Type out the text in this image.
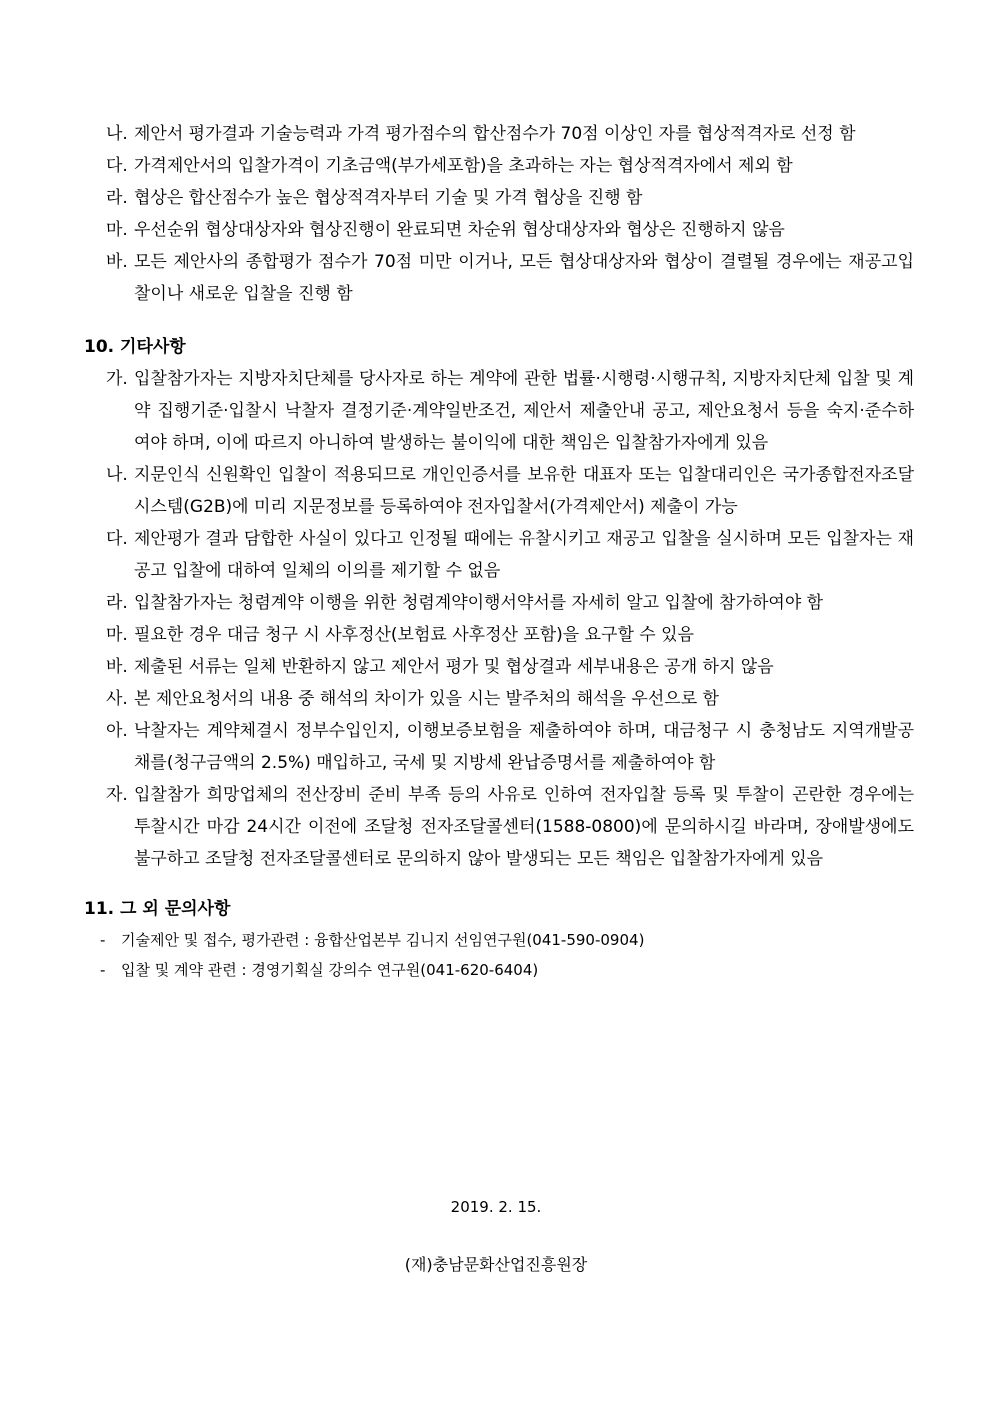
나. 제안서 평가결과 기술능력과 가격 평가점수의 합산점수가 70점 이상인 자를 협상적격자로 선정 함
다. 가격제안서의 입찰가격이 기초금액(부가세포함)을 초과하는 자는 협상적격자에서 제외 함
라. 협상은 합산점수가 높은 협상적격자부터 기술 및 가격 협상을 진행 함
마. 우선순위 협상대상자와 협상진행이 완료되면 차순위 협상대상자와 협상은 진행하지 않음
바. 모든 제안사의 종합평가 점수가 70점 미만 이거나, 모든 협상대상자와 협상이 결렬될 경우에는 재공고입찰이나 새로운 입찰을 진행 함
10. 기타사항
가. 입찰참가자는 지방자치단체를 당사자로 하는 계약에 관한 법률·시행령·시행규칙, 지방자치단체 입찰 및 계약 집행기준·입찰시 낙찰자 결정기준·계약일반조건, 제안서 제출안내 공고, 제안요청서 등을 숙지·준수하여야 하며, 이에 따르지 아니하여 발생하는 불이익에 대한 책임은 입찰참가자에게 있음
나. 지문인식 신원확인 입찰이 적용되므로 개인인증서를 보유한 대표자 또는 입찰대리인은 국가종합전자조달시스템(G2B)에 미리 지문정보를 등록하여야 전자입찰서(가격제안서) 제출이 가능
다. 제안평가 결과 담합한 사실이 있다고 인정될 때에는 유찰시키고 재공고 입찰을 실시하며 모든 입찰자는 재공고 입찰에 대하여 일체의 이의를 제기할 수 없음
라. 입찰참가자는 청렴계약 이행을 위한 청렴계약이행서약서를 자세히 알고 입찰에 참가하여야 함
마. 필요한 경우 대금 청구 시 사후정산(보험료 사후정산 포함)을 요구할 수 있음
바. 제출된 서류는 일체 반환하지 않고 제안서 평가 및 협상결과 세부내용은 공개 하지 않음
사. 본 제안요청서의 내용 중 해석의 차이가 있을 시는 발주처의 해석을 우선으로 함
아. 낙찰자는 계약체결시 정부수입인지, 이행보증보험을 제출하여야 하며, 대금청구 시 충청남도 지역개발공채를(청구금액의 2.5%) 매입하고, 국세 및 지방세 완납증명서를 제출하여야 함
자. 입찰참가 희망업체의 전산장비 준비 부족 등의 사유로 인하여 전자입찰 등록 및 투찰이 곤란한 경우에는 투찰시간 마감 24시간 이전에 조달청 전자조달콜센터(1588-0800)에 문의하시길 바라며, 장애발생에도 불구하고 조달청 전자조달콜센터로 문의하지 않아 발생되는 모든 책임은 입찰참가자에게 있음
11. 그 외 문의사항
-	기술제안 및 접수, 평가관련 : 융합산업본부 김니지 선임연구원(041-590-0904)
-	입찰 및 계약 관련 : 경영기획실 강의수 연구원(041-620-6404)
2019. 2. 15.
(재)충남문화산업진흥원장
